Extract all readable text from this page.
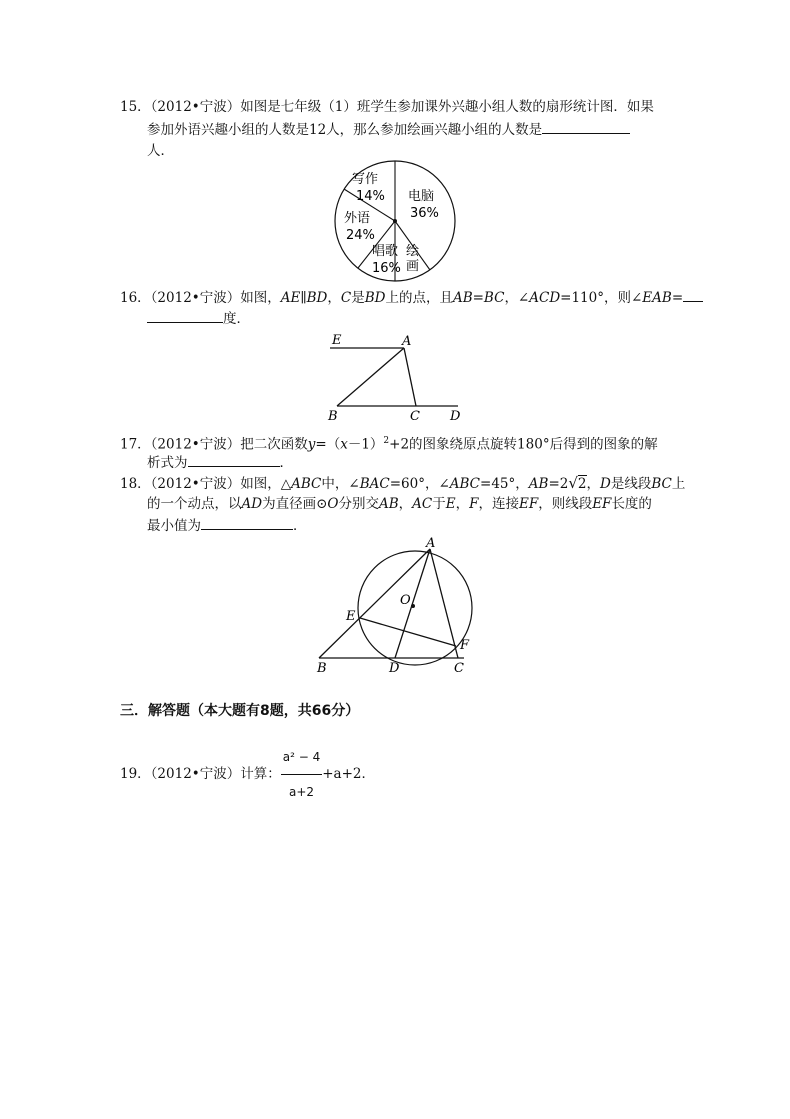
15．（2012•宁波）如图是七年级（1）班学生参加课外兴趣小组人数的扇形统计图．如果
参加外语兴趣小组的人数是12人，那么参加绘画兴趣小组的人数是
人．
写作
14% 电脑
36%
外语
24%
唱歌
16%
绘
画
16．（2012•宁波）如图，AE∥BD，C是BD上的点，且AB=BC，∠ACD=110°，则∠EAB=
度．
E	A
B	C D
17．（2012•宁波）把二次函数$y=(x-1)^2+2$的图象绕原点旋转180°后得到的图象的解
析式为	．
18．（2012•宁波）如图，△ABC中，∠BAC=60°，∠ABC=45°，AB=2√2，D是线段BC上
的一个动点，以AD为直径画⊙O分别交AB，AC于E，F，连接EF，则线段EF长度的
最小值为	．
A
O
E
F
B	D	C
三．解答题（本大题有8题，共66分）
19．（2012•宁波）计算： $\frac{\text{a² − 4}}{a+2} +a+2$．
